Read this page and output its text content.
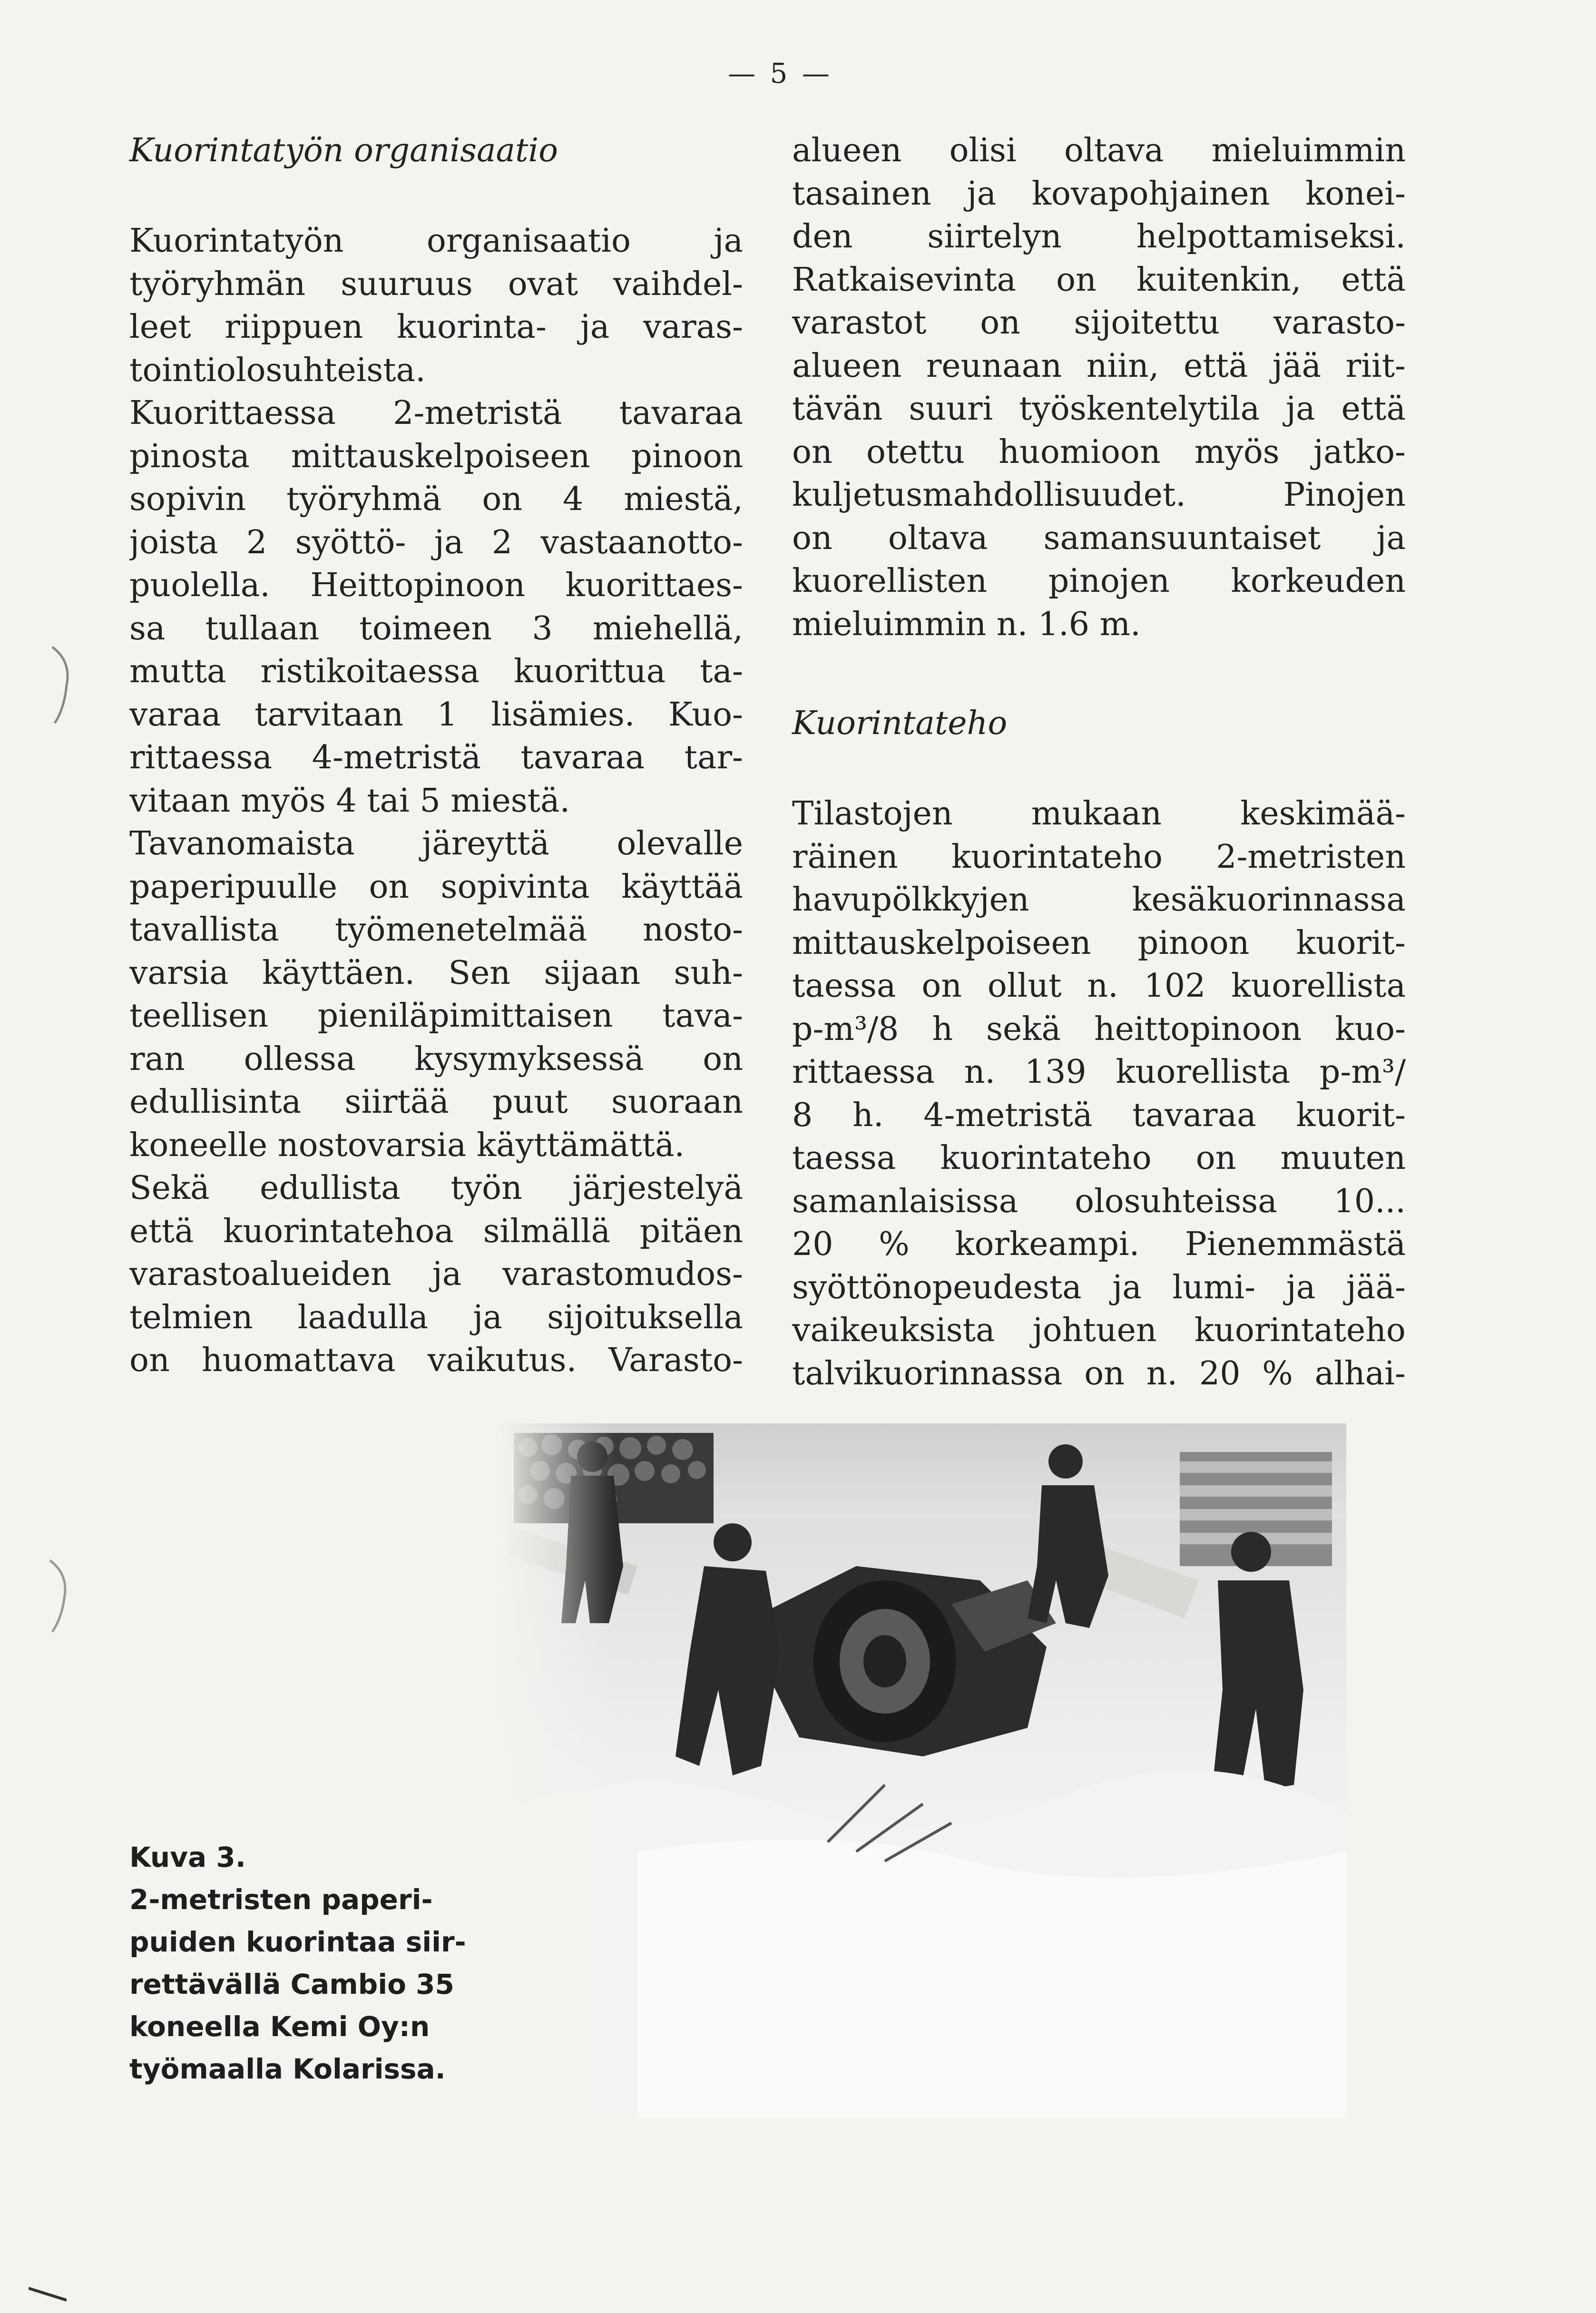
— 5 —
Kuorintatyön organisaatio
Kuorintatyön organisaatio ja
työryhmän suuruus ovat vaihdel-
leet riippuen kuorinta- ja varas-
tointiolosuhteista.
Kuorittaessa 2-metristä tavaraa
pinosta mittauskelpoiseen pinoon
sopivin työryhmä on 4 miestä,
joista 2 syöttö- ja 2 vastaanotto-
puolella. Heittopinoon kuorittaes-
sa tullaan toimeen 3 miehellä,
mutta ristikoitaessa kuorittua ta-
varaa tarvitaan 1 lisämies. Kuo-
rittaessa 4-metristä tavaraa tar-
vitaan myös 4 tai 5 miestä.
Tavanomaista järeyttä olevalle
paperipuulle on sopivinta käyttää
tavallista työmenetelmää nosto-
varsia käyttäen. Sen sijaan suh-
teellisen pieniläpimittaisen tava-
ran ollessa kysymyksessä on
edullisinta siirtää puut suoraan
koneelle nostovarsia käyttämättä.
Sekä edullista työn järjestelyä
että kuorintatehoa silmällä pitäen
varastoalueiden ja varastomudos-
telmien laadulla ja sijoituksella
on huomattava vaikutus. Varasto-
alueen olisi oltava mieluimmin
tasainen ja kovapohjainen konei-
den siirtelyn helpottamiseksi.
Ratkaisevinta on kuitenkin, että
varastot on sijoitettu varasto-
alueen reunaan niin, että jää riit-
tävän suuri työskentelytila ja että
on otettu huomioon myös jatko-
kuljetusmahdollisuudet. Pinojen
on oltava samansuuntaiset ja
kuorellisten pinojen korkeuden
mieluimmin n. 1.6 m.
Kuorintateho
Tilastojen mukaan keskimää-
räinen kuorintateho 2-metristen
havupölkkyjen kesäkuorinnassa
mittauskelpoiseen pinoon kuorit-
taessa on ollut n. 102 kuorellista
p-m³/8 h sekä heittopinoon kuo-
rittaessa n. 139 kuorellista p-m³/
8 h. 4-metristä tavaraa kuorit-
taessa kuorintateho on muuten
samanlaisissa olosuhteissa 10...
20 % korkeampi. Pienemmästä
syöttönopeudesta ja lumi- ja jää-
vaikeuksista johtuen kuorintateho
talvikuorinnassa on n. 20 % alhai-
Kuva 3.
2-metristen paperi-
puiden kuorintaa siir-
rettävällä Cambio 35
koneella Kemi Oy:n
työmaalla Kolarissa.
